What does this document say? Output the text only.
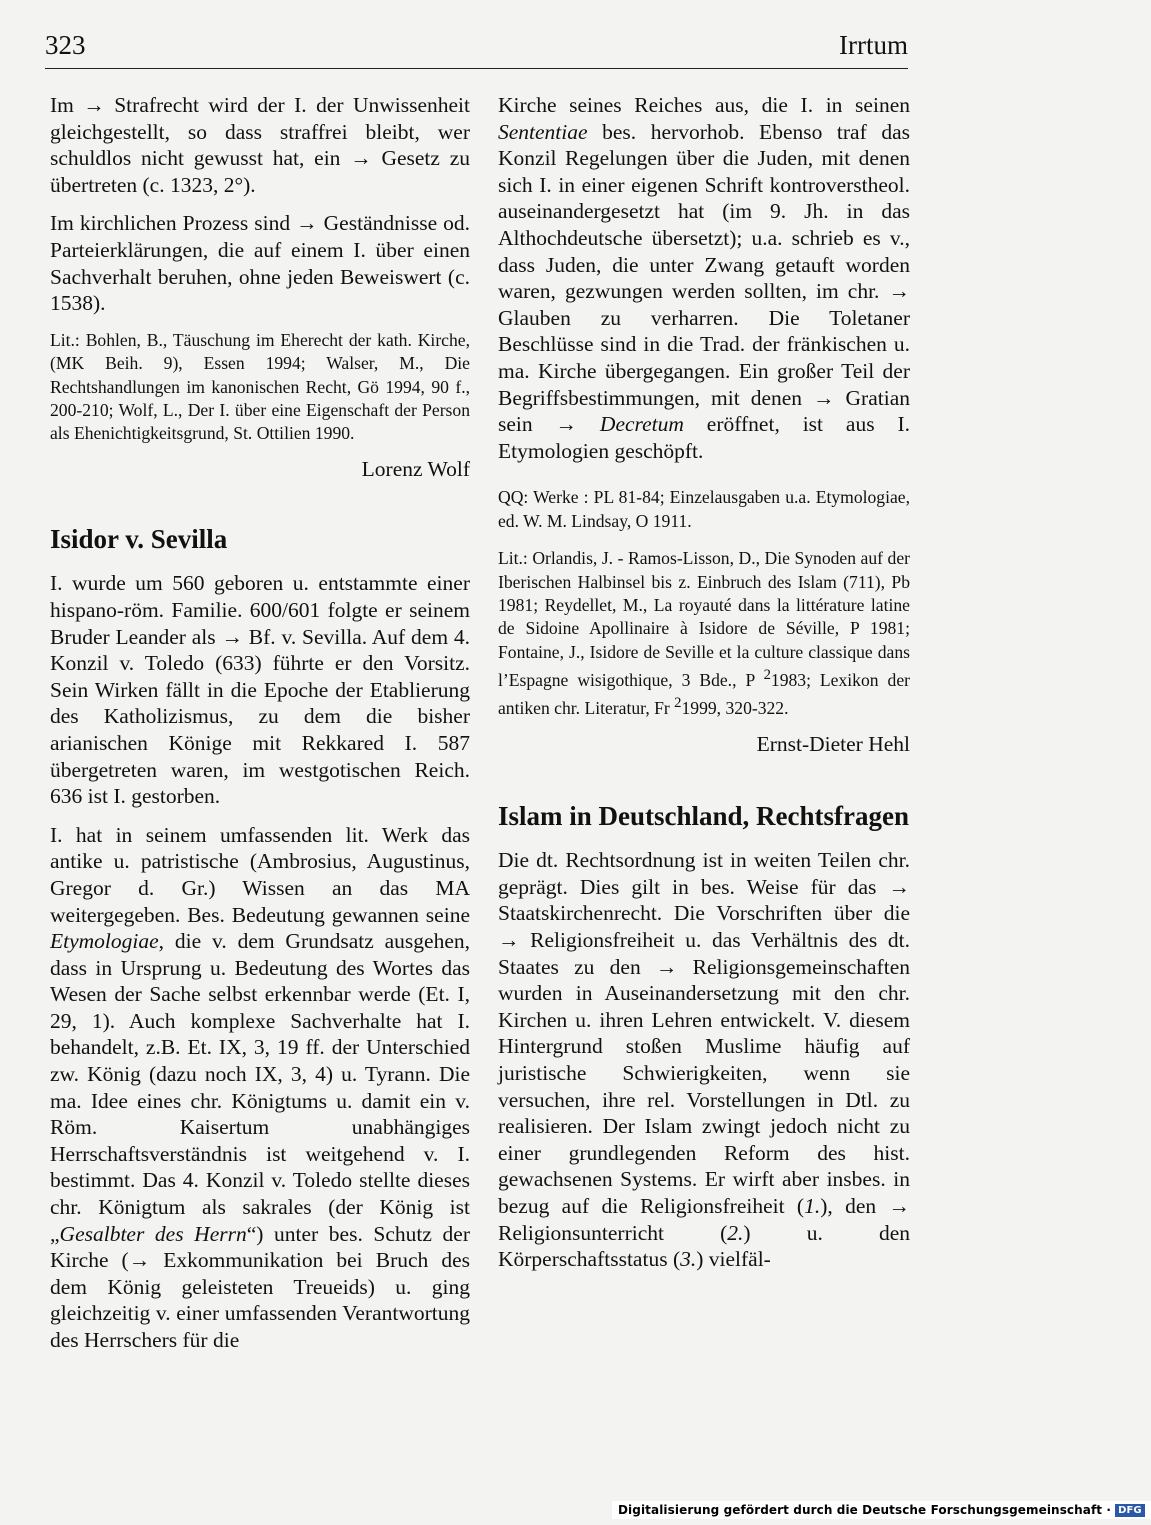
323	Irrtum

Im → Strafrecht wird der I. der Unwissenheit gleichgestellt, so dass straffrei bleibt, wer schuldlos nicht gewusst hat, ein → Gesetz zu übertreten (c. 1323, 2°).

Im kirchlichen Prozess sind → Geständnisse od. Parteierklärungen, die auf einem I. über einen Sachverhalt beruhen, ohne jeden Beweiswert (c. 1538).

Lit.: Bohlen, B., Täuschung im Eherecht der kath. Kirche, (MK Beih. 9), Essen 1994; Walser, M., Die Rechtshandlungen im kanonischen Recht, Gö 1994, 90 f., 200-210; Wolf, L., Der I. über eine Eigenschaft der Person als Ehenichtigkeitsgrund, St. Ottilien 1990.

Lorenz Wolf
Isidor v. Sevilla

I. wurde um 560 geboren u. entstammte einer hispano-röm. Familie. 600/601 folgte er seinem Bruder Leander als → Bf. v. Sevilla. Auf dem 4. Konzil v. Toledo (633) führte er den Vorsitz. Sein Wirken fällt in die Epoche der Etablierung des Katholizismus, zu dem die bisher arianischen Könige mit Rekkared I. 587 übergetreten waren, im westgotischen Reich. 636 ist I. gestorben.

I. hat in seinem umfassenden lit. Werk das antike u. patristische (Ambrosius, Augustinus, Gregor d. Gr.) Wissen an das MA weitergegeben. Bes. Bedeutung gewannen seine Etymologiae, die v. dem Grundsatz ausgehen, dass in Ursprung u. Bedeutung des Wortes das Wesen der Sache selbst erkennbar werde (Et. I, 29, 1). Auch komplexe Sachverhalte hat I. behandelt, z.B. Et. IX, 3, 19 ff. der Unterschied zw. König (dazu noch IX, 3, 4) u. Tyrann. Die ma. Idee eines chr. Königtums u. damit ein v. Röm. Kaisertum unabhängiges Herrschaftsverständnis ist weitgehend v. I. bestimmt. Das 4. Konzil v. Toledo stellte dieses chr. Königtum als sakrales (der König ist „Gesalbter des Herrn“) unter bes. Schutz der Kirche (→ Exkommunikation bei Bruch des dem König geleisteten Treueids) u. ging gleichzeitig v. einer umfassenden Verantwortung des Herrschers für die

Kirche seines Reiches aus, die I. in seinen Sententiae bes. hervorhob. Ebenso traf das Konzil Regelungen über die Juden, mit denen sich I. in einer eigenen Schrift kontroverstheol. auseinandergesetzt hat (im 9. Jh. in das Althochdeutsche übersetzt); u.a. schrieb es v., dass Juden, die unter Zwang getauft worden waren, gezwungen werden sollten, im chr. → Glauben zu verharren. Die Toletaner Beschlüsse sind in die Trad. der fränkischen u. ma. Kirche übergegangen. Ein großer Teil der Begriffsbestimmungen, mit denen → Gratian sein → Decretum eröffnet, ist aus I. Etymologien geschöpft.

QQ: Werke : PL 81-84; Einzelausgaben u.a. Etymologiae, ed. W. M. Lindsay, O 1911.

Lit.: Orlandis, J. - Ramos-Lisson, D., Die Synoden auf der Iberischen Halbinsel bis z. Einbruch des Islam (711), Pb 1981; Reydellet, M., La royauté dans la littérature latine de Sidoine Apollinaire à Isidore de Séville, P 1981; Fontaine, J., Isidore de Seville et la culture classique dans l’Espagne wisigothique, 3 Bde., P $^2$1983; Lexikon der antiken chr. Literatur, Fr $^2$1999, 320-322.

Ernst-Dieter Hehl
Islam in Deutschland, Rechtsfragen

Die dt. Rechtsordnung ist in weiten Teilen chr. geprägt. Dies gilt in bes. Weise für das → Staatskirchenrecht. Die Vorschriften über die → Religionsfreiheit u. das Verhältnis des dt. Staates zu den → Religionsgemeinschaften wurden in Auseinandersetzung mit den chr. Kirchen u. ihren Lehren entwickelt. V. diesem Hintergrund stoßen Muslime häufig auf juristische Schwierigkeiten, wenn sie versuchen, ihre rel. Vorstellungen in Dtl. zu realisieren. Der Islam zwingt jedoch nicht zu einer grundlegenden Reform des hist. gewachsenen Systems. Er wirft aber insbes. in bezug auf die Religionsfreiheit (1.), den → Religionsunterricht (2.) u. den Körperschaftsstatus (3.) vielfäl-

Digitalisierung gefördert durch die Deutsche Forschungsgemeinschaft · DFG
